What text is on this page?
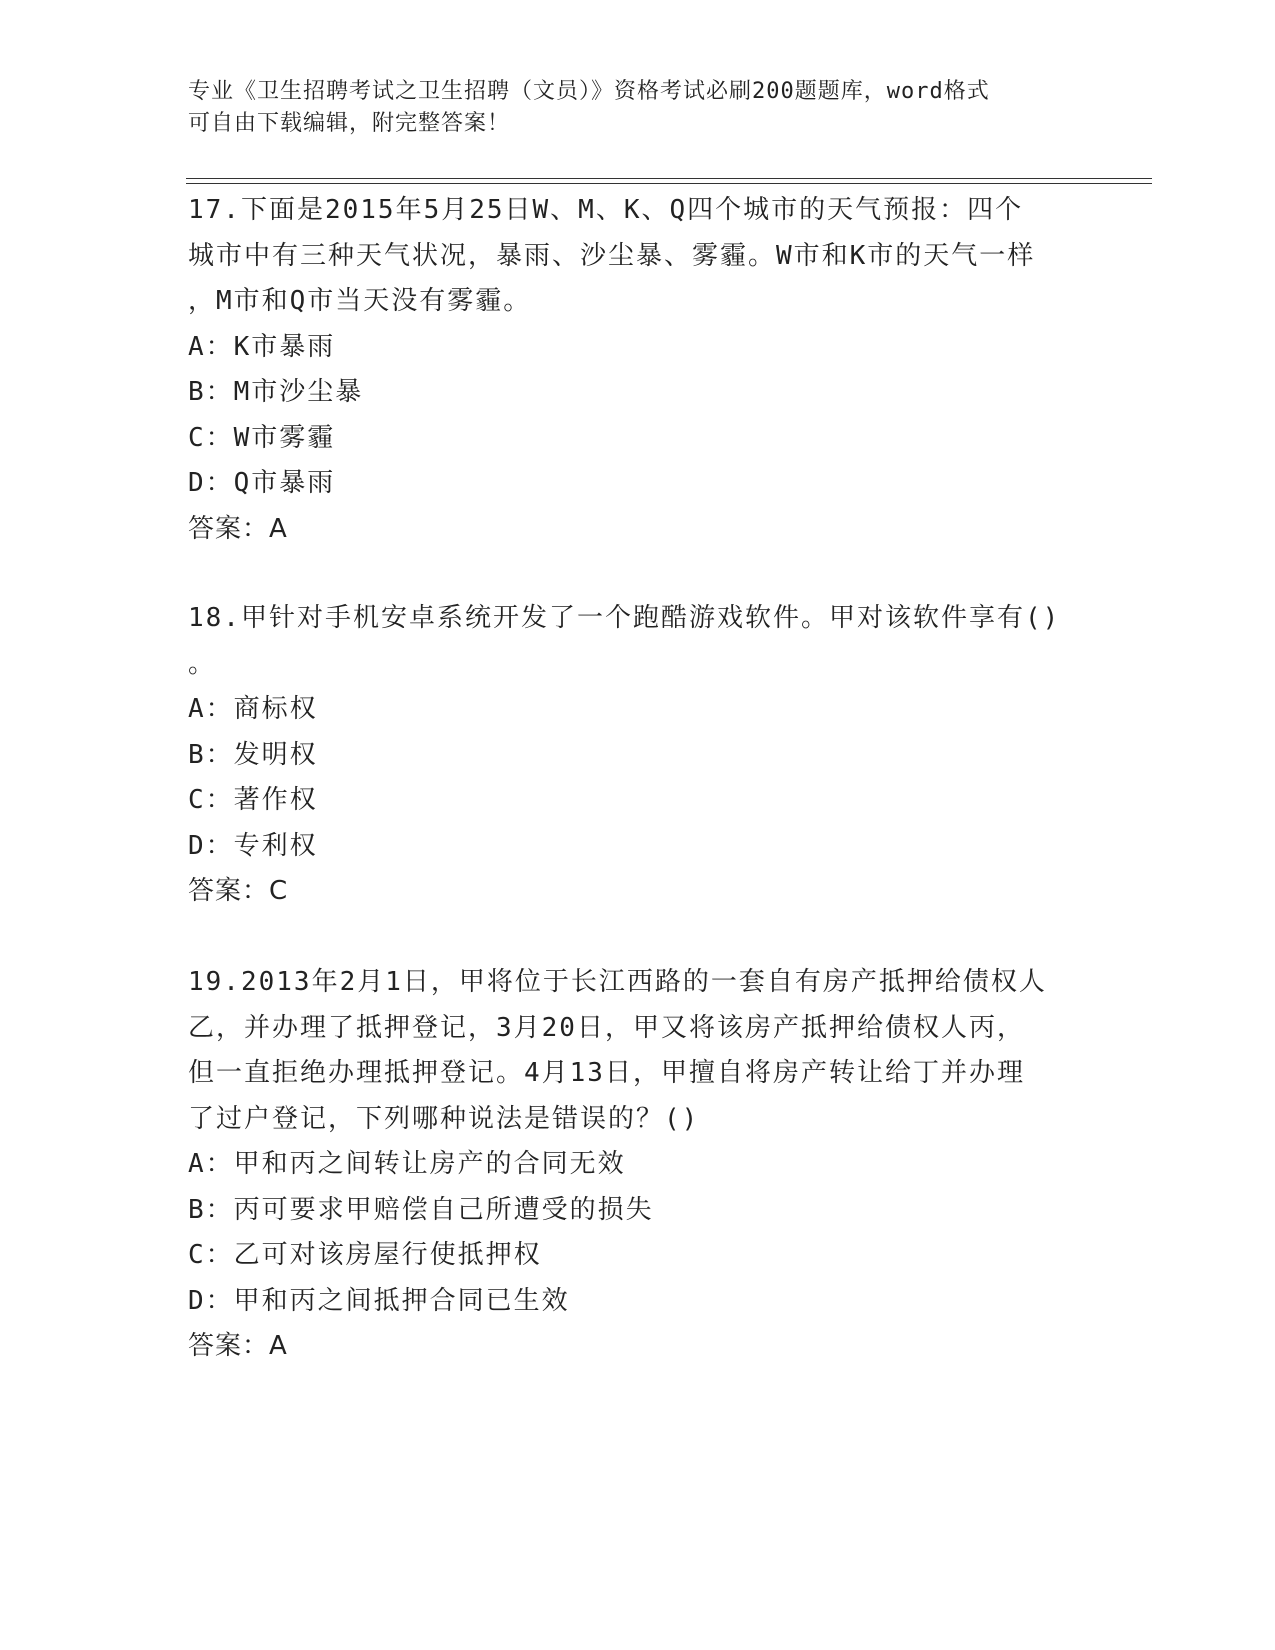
专业《卫生招聘考试之卫生招聘（文员）》资格考试必刷200题题库，word格式
可自由下载编辑，附完整答案！
17.下面是2015年5月25日W、M、K、Q四个城市的天气预报：四个
城市中有三种天气状况，暴雨、沙尘暴、雾霾。W市和K市的天气一样
，M市和Q市当天没有雾霾。
A：K市暴雨
B：M市沙尘暴
C：W市雾霾
D：Q市暴雨
答案：A
18.甲针对手机安卓系统开发了一个跑酷游戏软件。甲对该软件享有()
。
A：商标权
B：发明权
C：著作权
D：专利权
答案：C
19.2013年2月1日，甲将位于长江西路的一套自有房产抵押给债权人
乙，并办理了抵押登记，3月20日，甲又将该房产抵押给债权人丙，
但一直拒绝办理抵押登记。4月13日，甲擅自将房产转让给丁并办理
了过户登记，下列哪种说法是错误的？()
A：甲和丙之间转让房产的合同无效
B：丙可要求甲赔偿自己所遭受的损失
C：乙可对该房屋行使抵押权
D：甲和丙之间抵押合同已生效
答案：A
